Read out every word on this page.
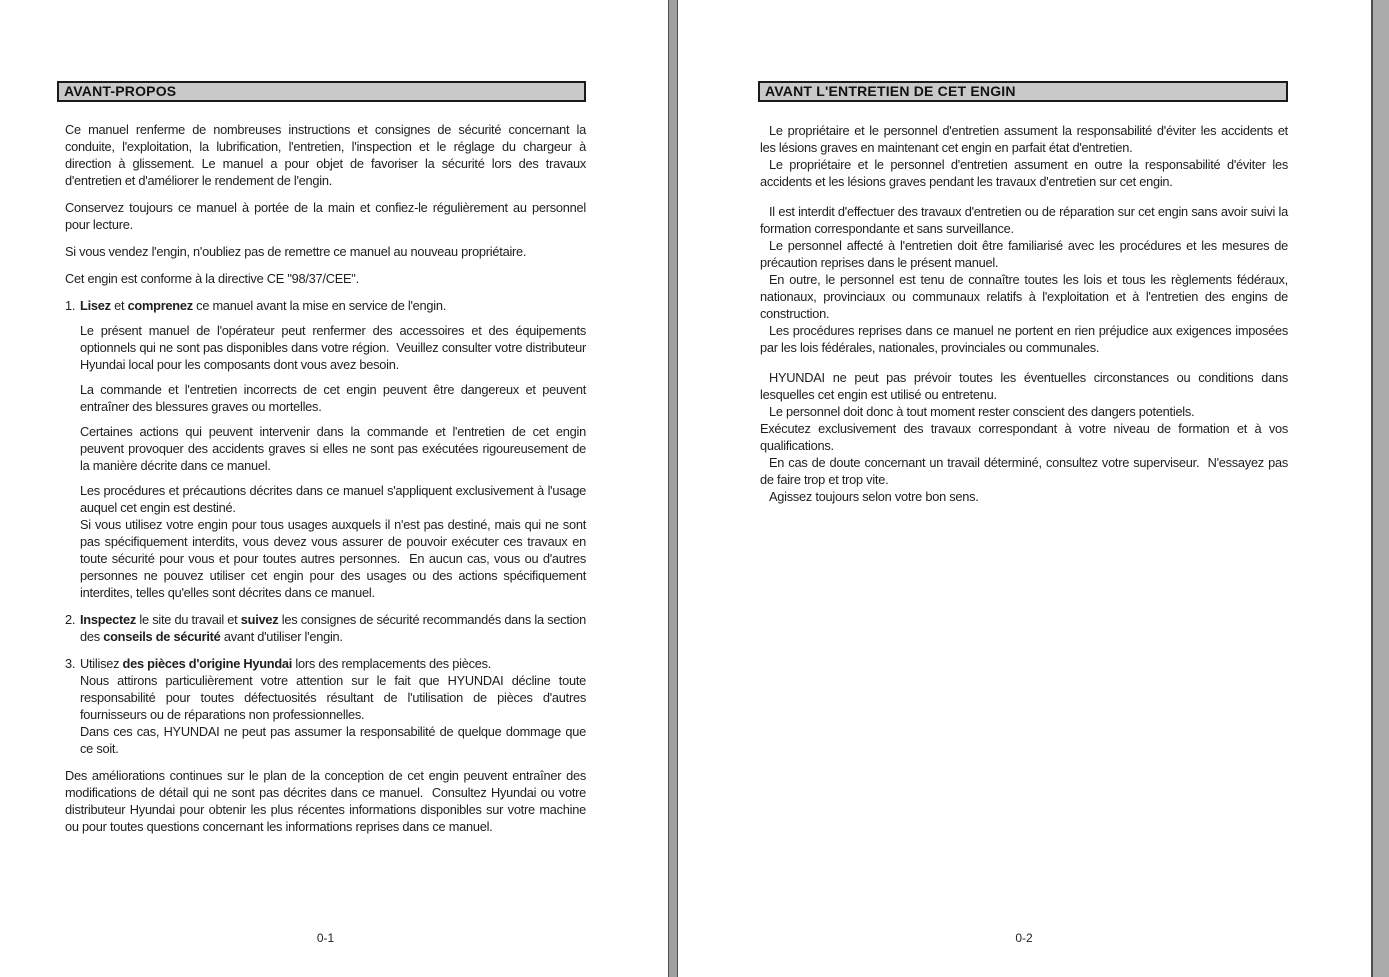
AVANT-PROPOS

Ce manuel renferme de nombreuses instructions et consignes de sécurité concernant la conduite, l'exploitation, la lubrification, l'entretien, l'inspection et le réglage du chargeur à direction à glissement. Le manuel a pour objet de favoriser la sécurité lors des travaux d'entretien et d'améliorer le rendement de l'engin.

Conservez toujours ce manuel à portée de la main et confiez-le régulièrement au personnel pour lecture.

Si vous vendez l'engin, n'oubliez pas de remettre ce manuel au nouveau propriétaire.

Cet engin est conforme à la directive CE "98/37/CEE".

1. Lisez et comprenez ce manuel avant la mise en service de l'engin.

Le présent manuel de l'opérateur peut renfermer des accessoires et des équipements optionnels qui ne sont pas disponibles dans votre région.  Veuillez consulter votre distributeur Hyundai local pour les composants dont vous avez besoin.

La commande et l'entretien incorrects de cet engin peuvent être dangereux et peuvent entraîner des blessures graves ou mortelles.

Certaines actions qui peuvent intervenir dans la commande et l'entretien de cet engin peuvent provoquer des accidents graves si elles ne sont pas exécutées rigoureusement de la manière décrite dans ce manuel.

Les procédures et précautions décrites dans ce manuel s'appliquent exclusivement à l'usage auquel cet engin est destiné.

Si vous utilisez votre engin pour tous usages auxquels il n'est pas destiné, mais qui ne sont pas spécifiquement interdits, vous devez vous assurer de pouvoir exécuter ces travaux en toute sécurité pour vous et pour toutes autres personnes.  En aucun cas, vous ou d'autres personnes ne pouvez utiliser cet engin pour des usages ou des actions spécifiquement interdites, telles qu'elles sont décrites dans ce manuel.

2. Inspectez le site du travail et suivez les consignes de sécurité recommandés dans la section des conseils de sécurité avant d'utiliser l'engin.

3. Utilisez des pièces d'origine Hyundai lors des remplacements des pièces.

Nous attirons particulièrement votre attention sur le fait que HYUNDAI décline toute responsabilité pour toutes défectuosités résultant de l'utilisation de pièces d'autres fournisseurs ou de réparations non professionnelles.

Dans ces cas, HYUNDAI ne peut pas assumer la responsabilité de quelque dommage que ce soit.

Des améliorations continues sur le plan de la conception de cet engin peuvent entraîner des modifications de détail qui ne sont pas décrites dans ce manuel.  Consultez Hyundai ou votre distributeur Hyundai pour obtenir les plus récentes informations disponibles sur votre machine ou pour toutes questions concernant les informations reprises dans ce manuel.

0-1
AVANT L'ENTRETIEN DE CET ENGIN

Le propriétaire et le personnel d'entretien assument la responsabilité d'éviter les accidents et les lésions graves en maintenant cet engin en parfait état d'entretien.

Le propriétaire et le personnel d'entretien assument en outre la responsabilité d'éviter les accidents et les lésions graves pendant les travaux d'entretien sur cet engin.

Il est interdit d'effectuer des travaux d'entretien ou de réparation sur cet engin sans avoir suivi la formation correspondante et sans surveillance.

Le personnel affecté à l'entretien doit être familiarisé avec les procédures et les mesures de précaution reprises dans le présent manuel.

En outre, le personnel est tenu de connaître toutes les lois et tous les règlements fédéraux, nationaux, provinciaux ou communaux relatifs à l'exploitation et à l'entretien des engins de construction.

Les procédures reprises dans ce manuel ne portent en rien préjudice aux exigences imposées par les lois fédérales, nationales, provinciales ou communales.

HYUNDAI ne peut pas prévoir toutes les éventuelles circonstances ou conditions dans lesquelles cet engin est utilisé ou entretenu.

Le personnel doit donc à tout moment rester conscient des dangers potentiels.

Exécutez exclusivement des travaux correspondant à votre niveau de formation et à vos qualifications.

En cas de doute concernant un travail déterminé, consultez votre superviseur.  N'essayez pas de faire trop et trop vite.

Agissez toujours selon votre bon sens.

0-2
